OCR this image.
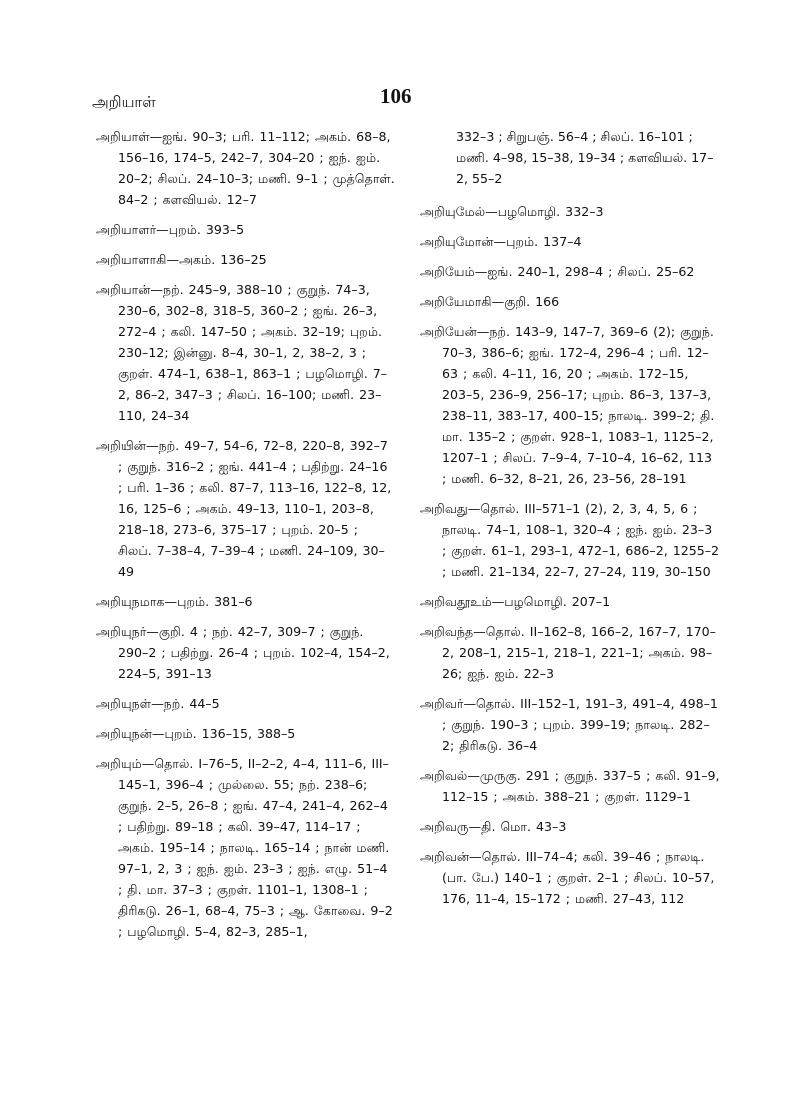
அறியாள்	106
அறியாள்—ஐங். 90–3; பரி. 11–112; அகம். 68–8, 156–16, 174–5, 242–7, 304–20 ; ஐந். ஐம். 20–2; சிலப். 24–10–3; மணி. 9–1 ; முத்தொள். 84–2 ; களவியல். 12–7
அறியாளர்—புறம். 393–5
அறியாளாகி—அகம். 136–25
அறியான்—நற். 245–9, 388–10 ; குறுந். 74–3, 230–6, 302–8, 318–5, 360–2 ; ஐங். 26–3, 272–4 ; கலி. 147–50 ; அகம். 32–19; புறம். 230–12; இன்னு. 8–4, 30–1, 2, 38–2, 3 ; குறள். 474–1, 638–1, 863–1 ; பழமொழி. 7–2, 86–2, 347–3 ; சிலப். 16–100; மணி. 23–110, 24–34
அறியின்—நற். 49–7, 54–6, 72–8, 220–8, 392–7 ; குறுந். 316–2 ; ஐங். 441–4 ; பதிற்று. 24–16 ; பரி. 1–36 ; கலி. 87–7, 113–16, 122–8, 12, 16, 125–6 ; அகம். 49–13, 110–1, 203–8, 218–18, 273–6, 375–17 ; புறம். 20–5 ; சிலப். 7–38–4, 7–39–4 ; மணி. 24–109, 30–49
அறியுநமாக—புறம். 381–6
அறியுநர்—குறி. 4 ; நற். 42–7, 309–7 ; குறுந். 290–2 ; பதிற்று. 26–4 ; புறம். 102–4, 154–2, 224–5, 391–13
அறியுநள்—நற். 44–5
அறியுநன்—புறம். 136–15, 388–5
அறியும்—தொல். I–76–5, II–2–2, 4–4, 111–6, III–145–1, 396–4 ; முல்லை. 55; நற். 238–6; குறுந். 2–5, 26–8 ; ஐங். 47–4, 241–4, 262–4 ; பதிற்று. 89–18 ; கலி. 39–47, 114–17 ; அகம். 195–14 ; நாலடி. 165–14 ; நான் மணி. 97–1, 2, 3 ; ஐந். ஐம். 23–3 ; ஐந். எழு. 51–4 ; தி. மா. 37–3 ; குறள். 1101–1, 1308–1 ; திரிகடு. 26–1, 68–4, 75–3 ; ஆ. கோவை. 9–2 ; பழமொழி. 5–4, 82–3, 285–1,
332–3 ; சிறுபஞ். 56–4 ; சிலப். 16–101 ; மணி. 4–98, 15–38, 19–34 ; களவியல். 17–2, 55–2
அறியுமேல்—பழமொழி. 332–3
அறியுமோன்—புறம். 137–4
அறியேம்—ஐங். 240–1, 298–4 ; சிலப். 25–62
அறியேமாகி—குறி. 166
அறியேன்—நற். 143–9, 147–7, 369–6 (2); குறுந். 70–3, 386–6; ஐங். 172–4, 296–4 ; பரி. 12–63 ; கலி. 4–11, 16, 20 ; அகம். 172–15, 203–5, 236–9, 256–17; புறம். 86–3, 137–3, 238–11, 383–17, 400–15; நாலடி. 399–2; தி. மா. 135–2 ; குறள். 928–1, 1083–1, 1125–2, 1207–1 ; சிலப். 7–9–4, 7–10–4, 16–62, 113 ; மணி. 6–32, 8–21, 26, 23–56, 28–191
அறிவது—தொல். III–571–1 (2), 2, 3, 4, 5, 6 ; நாலடி. 74–1, 108–1, 320–4 ; ஐந். ஐம். 23–3 ; குறள். 61–1, 293–1, 472–1, 686–2, 1255–2 ; மணி. 21–134, 22–7, 27–24, 119, 30–150
அறிவதூஉம்—பழமொழி. 207–1
அறிவந்த—தொல். II–162–8, 166–2, 167–7, 170–2, 208–1, 215–1, 218–1, 221–1; அகம். 98–26; ஐந். ஐம். 22–3
அறிவர்—தொல். III–152–1, 191–3, 491–4, 498–1 ; குறுந். 190–3 ; புறம். 399–19; நாலடி. 282–2; திரிகடு. 36–4
அறிவல்—முருகு. 291 ; குறுந். 337–5 ; கலி. 91–9, 112–15 ; அகம். 388–21 ; குறள். 1129–1
அறிவரு—தி. மொ. 43–3
அறிவன்—தொல். III–74–4; கலி. 39–46 ; நாலடி. (பா. பே.) 140–1 ; குறள். 2–1 ; சிலப். 10–57, 176, 11–4, 15–172 ; மணி. 27–43, 112
